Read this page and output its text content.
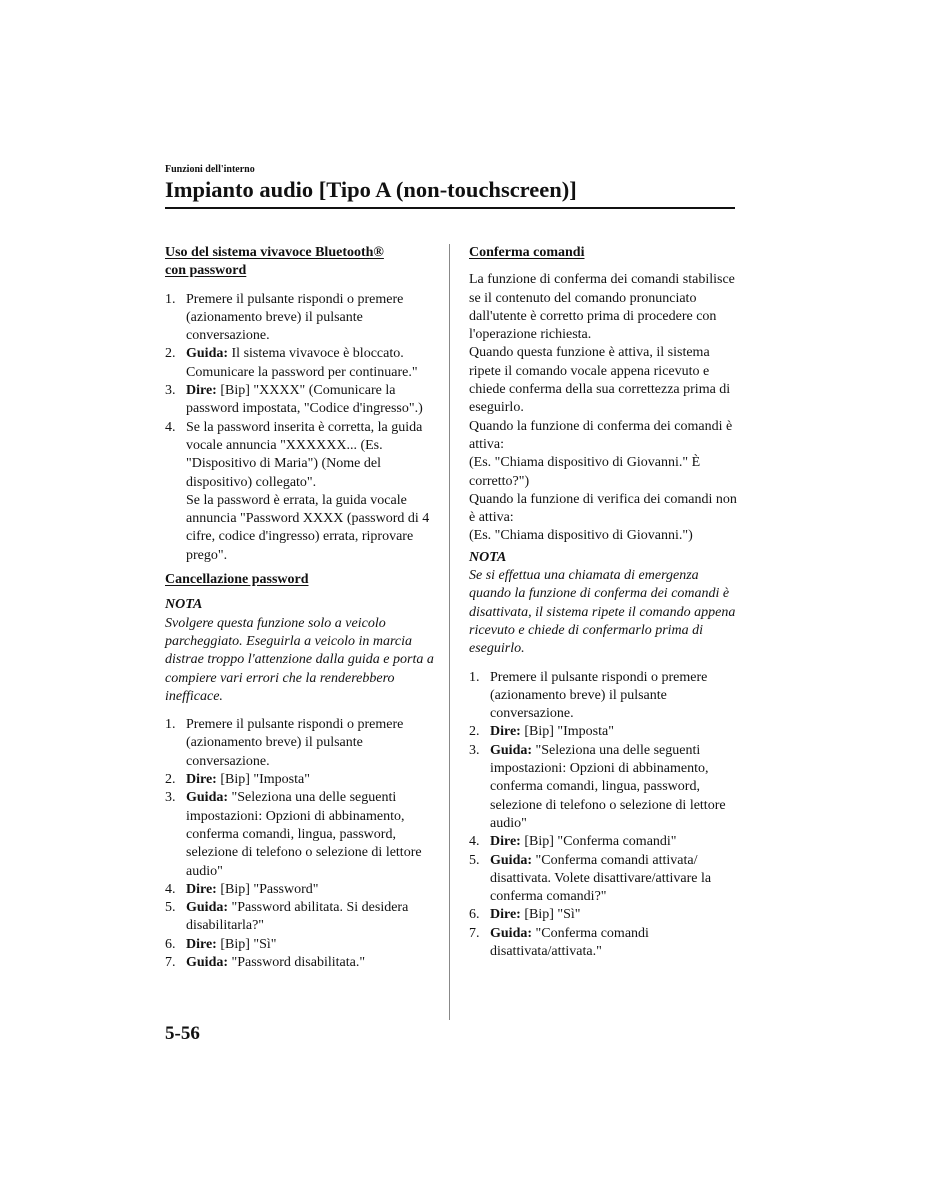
Funzioni dell'interno
Impianto audio [Tipo A (non-touchscreen)]

Uso del sistema vivavoce Bluetooth®
con password

1. Premere il pulsante rispondi o premere (azionamento breve) il pulsante conversazione.
2. Guida: Il sistema vivavoce è bloccato. Comunicare la password per continuare."
3. Dire: [Bip] "XXXX" (Comunicare la password impostata, "Codice d'ingresso".)
4. Se la password inserita è corretta, la guida vocale annuncia "XXXXXX... (Es. "Dispositivo di Maria") (Nome del dispositivo) collegato".
Se la password è errata, la guida vocale annuncia "Password XXXX (password di 4 cifre, codice d'ingresso) errata, riprovare prego".

Cancellazione password

NOTA
Svolgere questa funzione solo a veicolo parcheggiato. Eseguirla a veicolo in marcia distrae troppo l'attenzione dalla guida e porta a compiere vari errori che la renderebbero inefficace.
1. Premere il pulsante rispondi o premere (azionamento breve) il pulsante conversazione.
2. Dire: [Bip] "Imposta"
3. Guida: "Seleziona una delle seguenti impostazioni: Opzioni di abbinamento, conferma comandi, lingua, password, selezione di telefono o selezione di lettore audio"
4. Dire: [Bip] "Password"
5. Guida: "Password abilitata. Si desidera disabilitarla?"
6. Dire: [Bip] "Sì"
7. Guida: "Password disabilitata."

Conferma comandi

La funzione di conferma dei comandi stabilisce se il contenuto del comando pronunciato dall'utente è corretto prima di procedere con l'operazione richiesta.

Quando questa funzione è attiva, il sistema ripete il comando vocale appena ricevuto e chiede conferma della sua correttezza prima di eseguirlo.

Quando la funzione di conferma dei comandi è attiva:

(Es. "Chiama dispositivo di Giovanni." È corretto?")

Quando la funzione di verifica dei comandi non è attiva:

(Es. "Chiama dispositivo di Giovanni.")

NOTA
Se si effettua una chiamata di emergenza quando la funzione di conferma dei comandi è disattivata, il sistema ripete il comando appena ricevuto e chiede di confermarlo prima di eseguirlo.
1. Premere il pulsante rispondi o premere (azionamento breve) il pulsante conversazione.
2. Dire: [Bip] "Imposta"
3. Guida: "Seleziona una delle seguenti impostazioni: Opzioni di abbinamento, conferma comandi, lingua, password, selezione di telefono o selezione di lettore audio"
4. Dire: [Bip] "Conferma comandi"
5. Guida: "Conferma comandi attivata/ disattivata. Volete disattivare/attivare la conferma comandi?"
6. Dire: [Bip] "Sì"
7. Guida: "Conferma comandi disattivata/attivata."
5-56
